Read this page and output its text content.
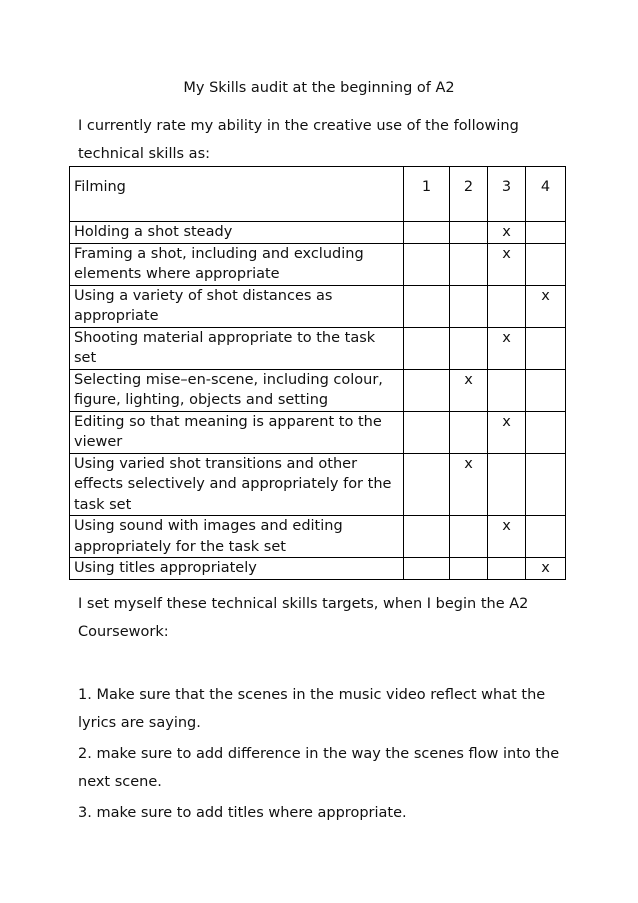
My Skills audit at the beginning of A2
I currently rate my ability in the creative use of the following technical skills as:
Filming	1	2	3	4
Holding a shot steady			x	
Framing a shot, including and excluding elements where appropriate			x	
Using a variety of shot distances as appropriate				x
Shooting material appropriate to the task set			x	
Selecting mise–en-scene, including colour, figure, lighting, objects and setting		x		
Editing so that meaning is apparent to the viewer			x	
Using varied shot transitions and other effects selectively and appropriately for the task set		x		
Using sound with images and editing appropriately for the task set			x	
Using titles appropriately				x
I set myself these technical skills targets, when I begin the A2 Coursework:
1. Make sure that the scenes in the music video reflect what the lyrics are saying.
2. make sure to add difference in the way the scenes flow into the next scene.
3. make sure to add titles where appropriate.
